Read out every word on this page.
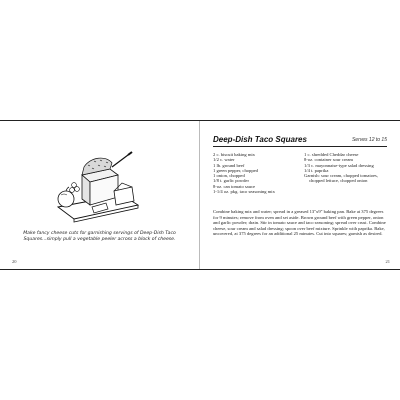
Make fancy cheese cuts for garnishing servings of Deep-Dish Taco Squares...simply pull a vegetable peeler across a block of cheese.
20
Deep-Dish Taco Squares	Serves 12 to 15
2 c. biscuit baking mix
1/2 c. water
1 lb. ground beef
1 green pepper, chopped
1 onion, chopped
1/8 t. garlic powder
8-oz. can tomato sauce
1-1/4 oz. pkg. taco seasoning mix
1 c. shredded Cheddar cheese
8-oz. container sour cream
1/3 c. mayonnaise-type salad dressing
1/4 t. paprika
Garnish: sour cream, chopped tomatoes, chopped lettuce, chopped onion
Combine baking mix and water; spread in a greased 13"x9" baking pan. Bake at 375 degrees for 9 minutes; remove from oven and set aside. Brown ground beef with green pepper, onion and garlic powder; drain. Stir in tomato sauce and taco seasoning; spread over crust. Combine cheese, sour cream and salad dressing; spoon over beef mixture. Sprinkle with paprika. Bake, uncovered, at 375 degrees for an additional 25 minutes. Cut into squares; garnish as desired.
21
